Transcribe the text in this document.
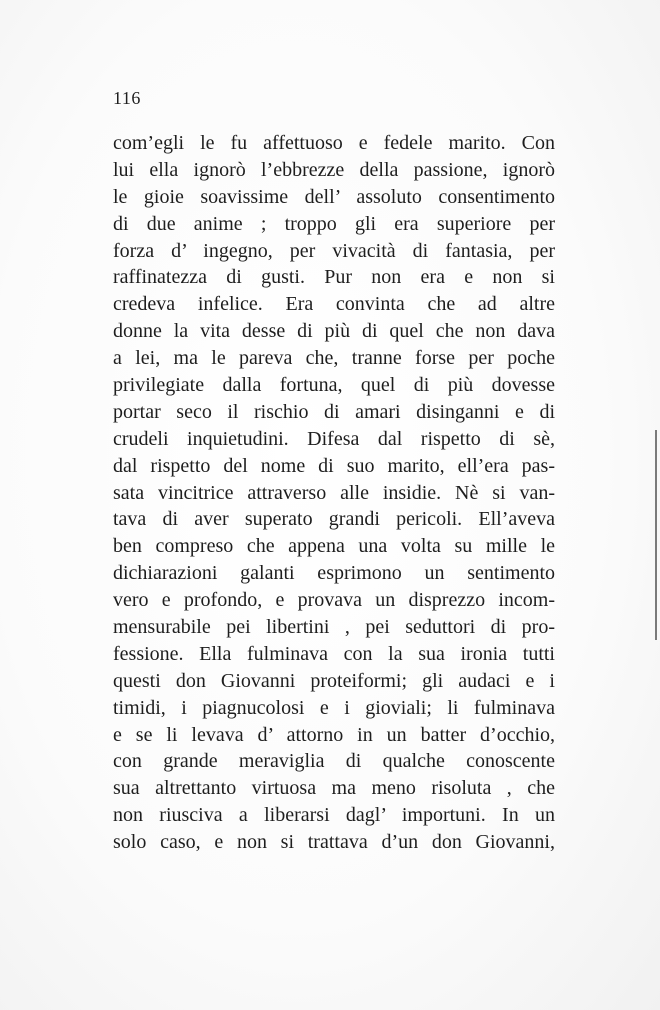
116
com’egli le fu affettuoso e fedele marito. Con
lui ella ignorò l’ebbrezze della passione, ignorò
le gioie soavissime dell’ assoluto consentimento
di due anime ; troppo gli era superiore per
forza d’ ingegno, per vivacità di fantasia, per
raffinatezza di gusti. Pur non era e non si
credeva infelice. Era convinta che ad altre
donne la vita desse di più di quel che non dava
a lei, ma le pareva che, tranne forse per poche
privilegiate dalla fortuna, quel di più dovesse
portar seco il rischio di amari disinganni e di
crudeli inquietudini. Difesa dal rispetto di sè,
dal rispetto del nome di suo marito, ell’era pas-
sata vincitrice attraverso alle insidie. Nè si van-
tava di aver superato grandi pericoli. Ell’aveva
ben compreso che appena una volta su mille le
dichiarazioni galanti esprimono un sentimento
vero e profondo, e provava un disprezzo incom-
mensurabile pei libertini , pei seduttori di pro-
fessione. Ella fulminava con la sua ironia tutti
questi don Giovanni proteiformi; gli audaci e i
timidi, i piagnucolosi e i gioviali; li fulminava
e se li levava d’ attorno in un batter d’occhio,
con grande meraviglia di qualche conoscente
sua altrettanto virtuosa ma meno risoluta , che
non riusciva a liberarsi dagl’ importuni. In un
solo caso, e non si trattava d’un don Giovanni,
